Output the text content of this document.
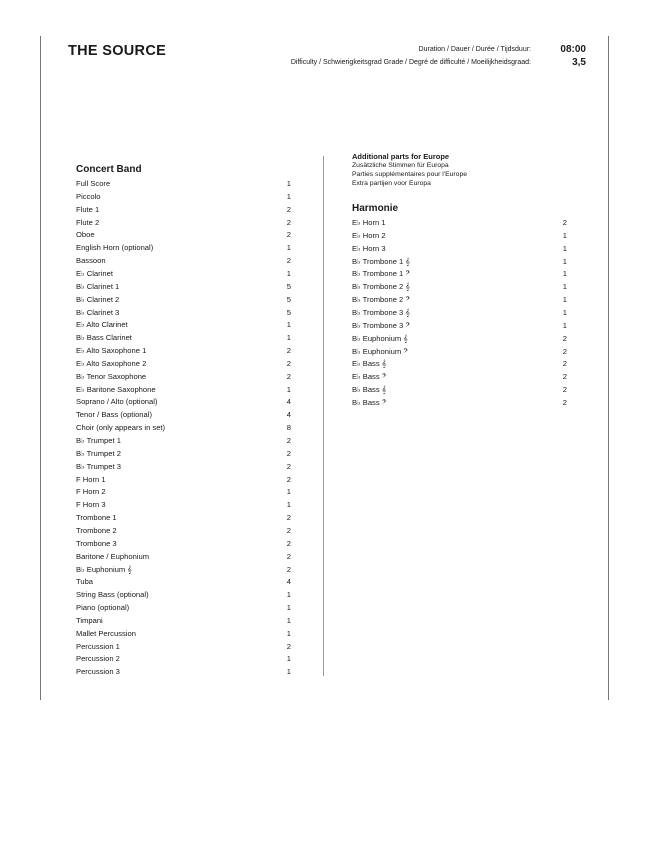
THE SOURCE	Duration / Dauer / Durée / Tijdsduur:	08:00
Difficulty / Schwierigkeitsgrad Grade / Degré de difficulté / Moeilijkheidsgraad:	3,5
Concert Band
Full Score	1
Piccolo	1
Flute 1	2
Flute 2	2
Oboe	2
English Horn (optional)	1
Bassoon	2
E♭ Clarinet	1
B♭ Clarinet 1	5
B♭ Clarinet 2	5
B♭ Clarinet 3	5
E♭ Alto Clarinet	1
B♭ Bass Clarinet	1
E♭ Alto Saxophone 1	2
E♭ Alto Saxophone 2	2
B♭ Tenor Saxophone	2
E♭ Baritone Saxophone	1
Soprano / Alto (optional)	4
Tenor / Bass (optional)	4
Choir (only appears in set)	8
B♭ Trumpet 1	2
B♭ Trumpet 2	2
B♭ Trumpet 3	2
F Horn 1	2
F Horn 2	1
F Horn 3	1
Trombone 1	2
Trombone 2	2
Trombone 3	2
Baritone / Euphonium	2
B♭ Euphonium 𝄞	2
Tuba	4
String Bass (optional)	1
Piano (optional)	1
Timpani	1
Mallet Percussion	1
Percussion 1	2
Percussion 2	1
Percussion 3	1
Additional parts for Europe
Zusätzliche Stimmen für Europa
Parties supplémentaires pour l'Europe
Extra partijen voor Europa
Harmonie
E♭ Horn 1	2
E♭ Horn 2	1
E♭ Horn 3	1
B♭ Trombone 1 𝄞	1
B♭ Trombone 1 𝄢	1
B♭ Trombone 2 𝄞	1
B♭ Trombone 2 𝄢	1
B♭ Trombone 3 𝄞	1
B♭ Trombone 3 𝄢	1
B♭ Euphonium 𝄞	2
B♭ Euphonium 𝄢	2
E♭ Bass 𝄞	2
E♭ Bass 𝄢	2
B♭ Bass 𝄞	2
B♭ Bass 𝄢	2
